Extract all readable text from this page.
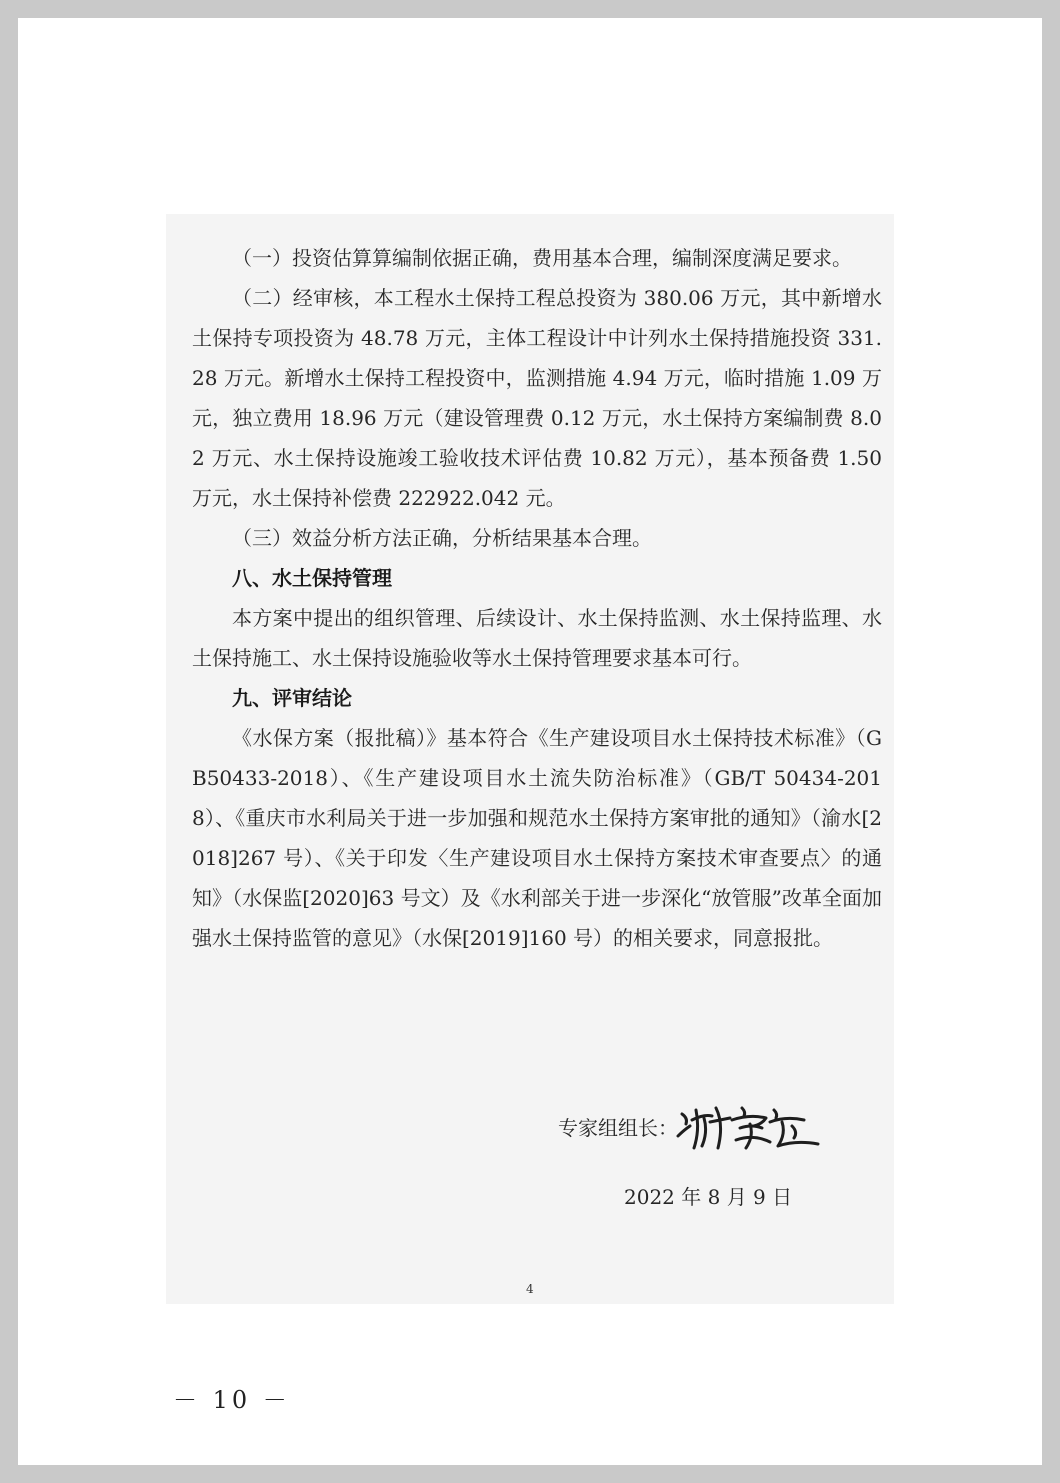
（一）投资估算算编制依据正确，费用基本合理，编制深度满足要求。

（二）经审核，本工程水土保持工程总投资为 380.06 万元，其中新增水土保持专项投资为 48.78 万元，主体工程设计中计列水土保持措施投资 331.28 万元。新增水土保持工程投资中，监测措施 4.94 万元，临时措施 1.09 万元，独立费用 18.96 万元（建设管理费 0.12 万元，水土保持方案编制费 8.02 万元、水土保持设施竣工验收技术评估费 10.82 万元），基本预备费 1.50 万元，水土保持补偿费 222922.042 元。

（三）效益分析方法正确，分析结果基本合理。

八、水土保持管理

本方案中提出的组织管理、后续设计、水土保持监测、水土保持监理、水土保持施工、水土保持设施验收等水土保持管理要求基本可行。

九、评审结论

《水保方案（报批稿）》基本符合《生产建设项目水土保持技术标准》（GB50433-2018）、《生产建设项目水土流失防治标准》（GB/T 50434-2018）、《重庆市水利局关于进一步加强和规范水土保持方案审批的通知》（渝水[2018]267 号）、《关于印发〈生产建设项目水土保持方案技术审查要点〉的通知》（水保监[2020]63 号文）及《水利部关于进一步深化“放管服”改革全面加强水土保持监管的意见》（水保[2019]160 号）的相关要求，同意报批。

专家组组长：
2022 年 8 月 9 日
4
－ 10 －
